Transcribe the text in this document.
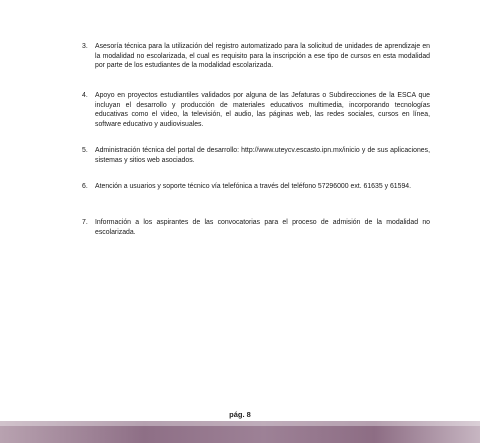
3.	Asesoría técnica para la utilización del registro automatizado para la solicitud de unidades de aprendizaje en la modalidad no escolarizada, el cual es requisito para la inscripción a ese tipo de cursos en esta modalidad por parte de los estudiantes de la modalidad escolarizada.
4.	Apoyo en proyectos estudiantiles validados por alguna de las Jefaturas o Subdirecciones de la ESCA que incluyan el desarrollo y producción de materiales educativos multimedia, incorporando tecnologías educativas como el video, la televisión, el audio, las páginas web, las redes sociales, cursos en línea, software educativo y audiovisuales.
5.	Administración técnica del portal de desarrollo: http://www.uteycv.escasto.ipn.mx/inicio y de sus aplicaciones, sistemas y sitios web asociados.
6.	Atención a usuarios y soporte técnico vía telefónica a través del teléfono 57296000 ext. 61635 y 61594.
7.	Información a los aspirantes de las convocatorias para el proceso de admisión de la modalidad no escolarizada.
pág. 8
